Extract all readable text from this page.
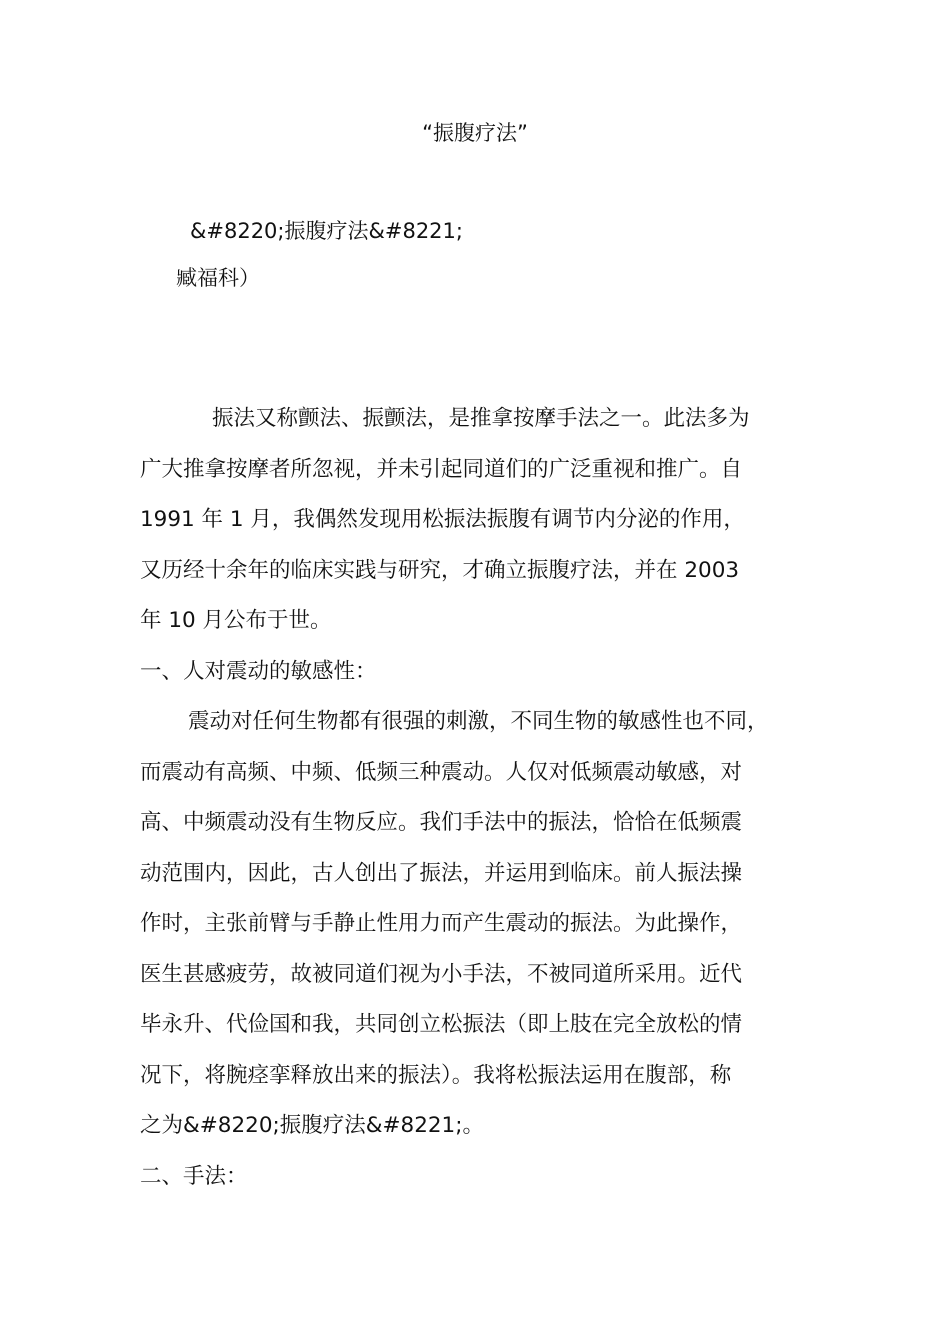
“振腹疗法”
&#8220;振腹疗法&#8221;
臧福科）
振法又称颤法、振颤法，是推拿按摩手法之一。此法多为
广大推拿按摩者所忽视，并未引起同道们的广泛重视和推广。自
1991 年 1 月，我偶然发现用松振法振腹有调节内分泌的作用，
又历经十余年的临床实践与研究，才确立振腹疗法，并在 2003
年 10 月公布于世。
一、人对震动的敏感性：
震动对任何生物都有很强的刺激，不同生物的敏感性也不同，
而震动有高频、中频、低频三种震动。人仅对低频震动敏感，对
高、中频震动没有生物反应。我们手法中的振法，恰恰在低频震
动范围内，因此，古人创出了振法，并运用到临床。前人振法操
作时，主张前臂与手静止性用力而产生震动的振法。为此操作，
医生甚感疲劳，故被同道们视为小手法，不被同道所采用。近代
毕永升、代俭国和我，共同创立松振法（即上肢在完全放松的情
况下，将腕痉挛释放出来的振法）。我将松振法运用在腹部，称
之为&#8220;振腹疗法&#8221;。
二、手法：
